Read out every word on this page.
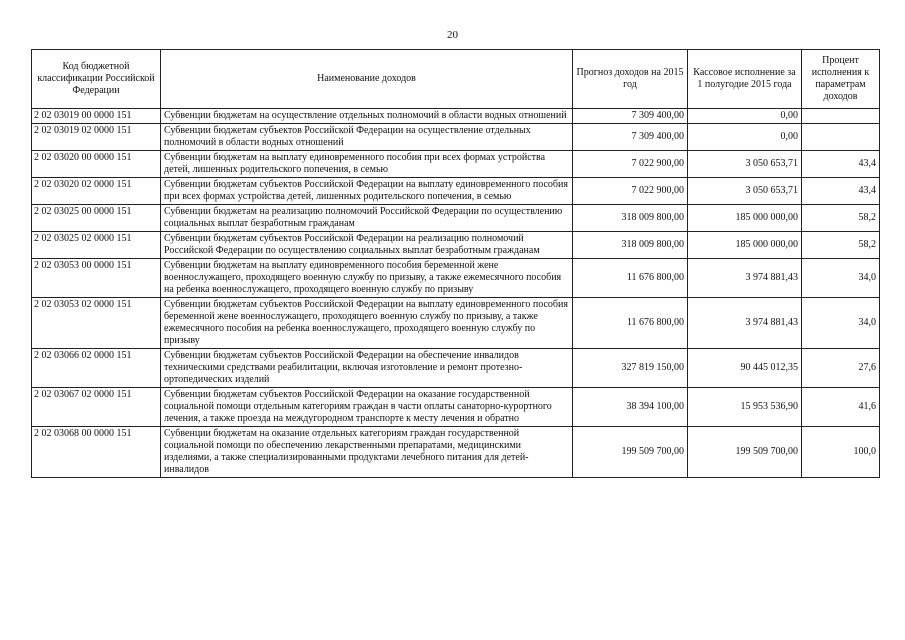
20
Код бюджетной классификации Российской Федерации	Наименование доходов	Прогноз доходов на 2015 год	Кассовое исполнение за 1 полугодие 2015 года	Процент исполнения к параметрам доходов
2 02 03019 00 0000 151	Субвенции бюджетам на осуществление отдельных полномочий в области водных отношений	7 309 400,00	0,00	
2 02 03019 02 0000 151	Субвенции бюджетам субъектов Российской Федерации на осуществление отдельных полномочий в области водных отношений	7 309 400,00	0,00	
2 02 03020 00 0000 151	Субвенции бюджетам на выплату единовременного пособия при всех формах устройства детей, лишенных родительского попечения, в семью	7 022 900,00	3 050 653,71	43,4
2 02 03020 02 0000 151	Субвенции бюджетам субъектов Российской Федерации на выплату единовременного пособия при всех формах устройства детей, лишенных родительского попечения, в семью	7 022 900,00	3 050 653,71	43,4
2 02 03025 00 0000 151	Субвенции бюджетам на реализацию полномочий Российской Федерации по осуществлению социальных выплат безработным гражданам	318 009 800,00	185 000 000,00	58,2
2 02 03025 02 0000 151	Субвенции бюджетам субъектов Российской Федерации на реализацию полномочий Российской Федерации по осуществлению социальных выплат безработным гражданам	318 009 800,00	185 000 000,00	58,2
2 02 03053 00 0000 151	Субвенции бюджетам на выплату единовременного пособия беременной жене военнослужащего, проходящего военную службу по призыву, а также ежемесячного пособия на ребенка военнослужащего, проходящего военную службу по призыву	11 676 800,00	3 974 881,43	34,0
2 02 03053 02 0000 151	Субвенции бюджетам субъектов Российской Федерации на выплату единовременного пособия беременной жене военнослужащего, проходящего военную службу по призыву, а также ежемесячного пособия на ребенка военнослужащего, проходящего военную службу по призыву	11 676 800,00	3 974 881,43	34,0
2 02 03066 02 0000 151	Субвенции бюджетам субъектов Российской Федерации на обеспечение инвалидов техническими средствами реабилитации, включая изготовление и ремонт протезно-ортопедических изделий	327 819 150,00	90 445 012,35	27,6
2 02 03067 02 0000 151	Субвенции бюджетам субъектов Российской Федерации на оказание государственной социальной помощи отдельным категориям граждан в части оплаты санаторно-курортного лечения, а также проезда на междугородном транспорте к месту лечения и обратно	38 394 100,00	15 953 536,90	41,6
2 02 03068 00 0000 151	Субвенции бюджетам на оказание отдельных категориям граждан государственной социальной помощи по обеспечению лекарственными препаратами, медицинскими изделиями, а также специализированными продуктами лечебного питания для детей-инвалидов	199 509 700,00	199 509 700,00	100,0
